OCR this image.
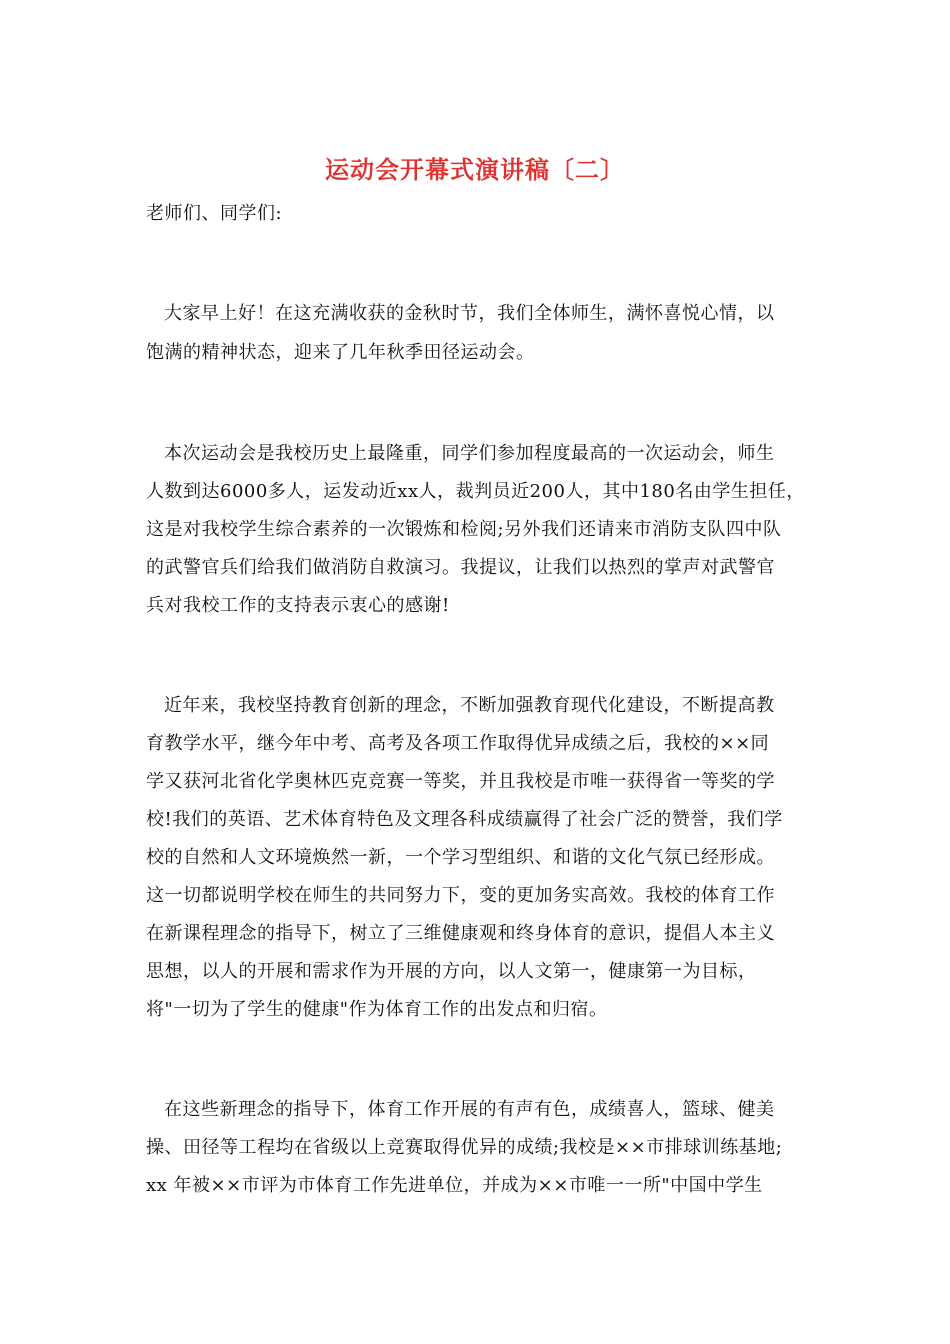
运动会开幕式演讲稿〔二〕
老师们、同学们:
大家早上好！在这充满收获的金秋时节，我们全体师生，满怀喜悦心情，以
饱满的精神状态，迎来了几年秋季田径运动会。
本次运动会是我校历史上最隆重，同学们参加程度最高的一次运动会，师生
人数到达6000多人，运发动近xx人，裁判员近200人，其中180名由学生担任，
这是对我校学生综合素养的一次锻炼和检阅;另外我们还请来市消防支队四中队
的武警官兵们给我们做消防自救演习。我提议，让我们以热烈的掌声对武警官
兵对我校工作的支持表示衷心的感谢!
近年来，我校坚持教育创新的理念，不断加强教育现代化建设，不断提高教
育教学水平，继今年中考、高考及各项工作取得优异成绩之后，我校的××同
学又获河北省化学奥林匹克竞赛一等奖，并且我校是市唯一获得省一等奖的学
校!我们的英语、艺术体育特色及文理各科成绩赢得了社会广泛的赞誉，我们学
校的自然和人文环境焕然一新，一个学习型组织、和谐的文化气氛已经形成。
这一切都说明学校在师生的共同努力下，变的更加务实高效。我校的体育工作
在新课程理念的指导下，树立了三维健康观和终身体育的意识，提倡人本主义
思想，以人的开展和需求作为开展的方向，以人文第一，健康第一为目标，
将"一切为了学生的健康"作为体育工作的出发点和归宿。
在这些新理念的指导下，体育工作开展的有声有色，成绩喜人，篮球、健美
操、田径等工程均在省级以上竞赛取得优异的成绩;我校是××市排球训练基地;
xx 年被××市评为市体育工作先进单位，并成为××市唯一一所"中国中学生
